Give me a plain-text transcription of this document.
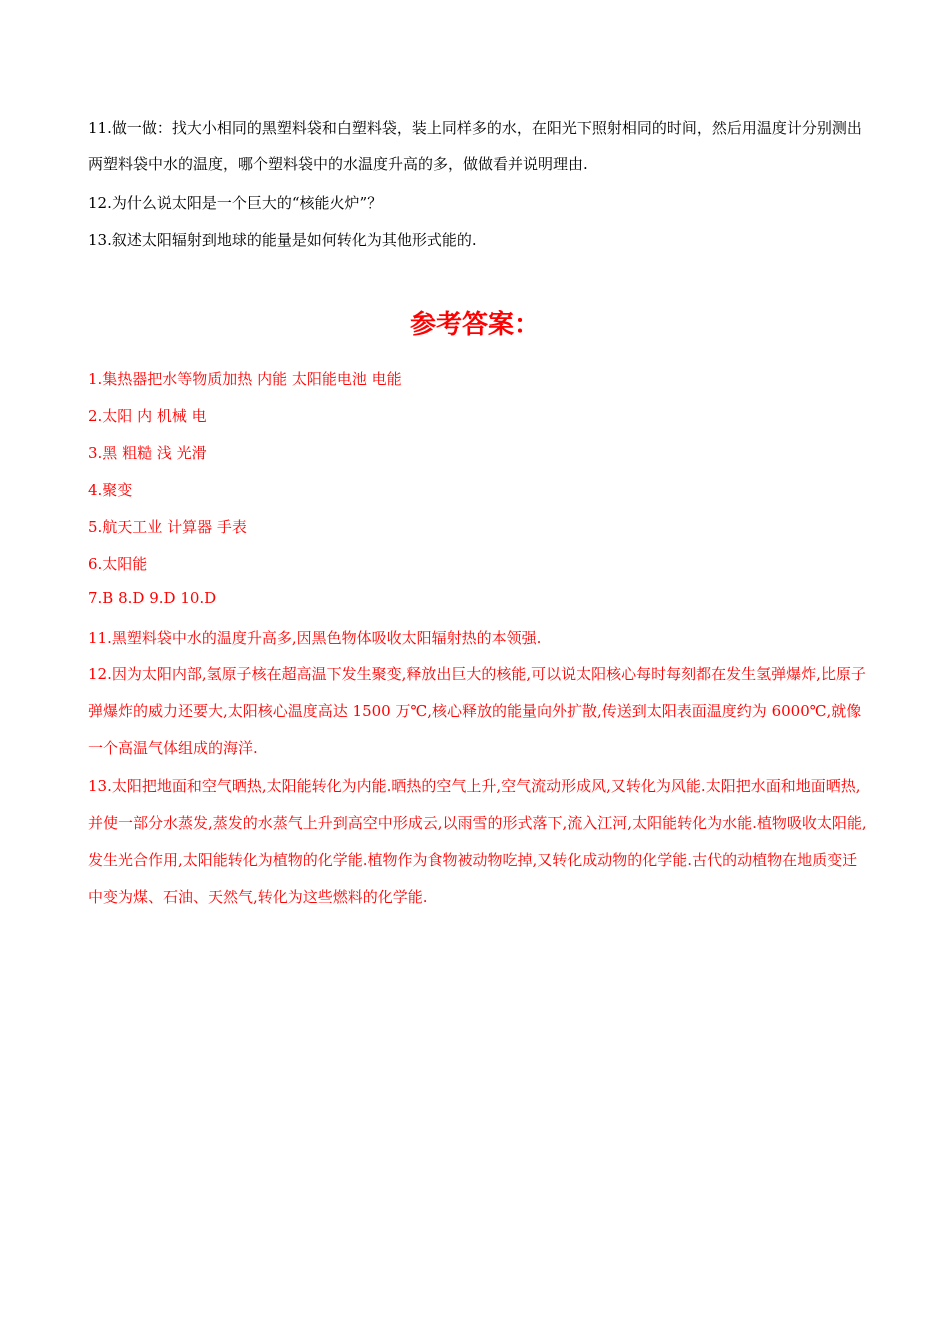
11.做一做：找大小相同的黑塑料袋和白塑料袋，装上同样多的水，在阳光下照射相同的时间，然后用温度计分别测出两塑料袋中水的温度，哪个塑料袋中的水温度升高的多，做做看并说明理由.

12.为什么说太阳是一个巨大的“核能火炉”？

13.叙述太阳辐射到地球的能量是如何转化为其他形式能的.

参考答案：

1.集热器把水等物质加热 内能 太阳能电池 电能

2.太阳 内 机械 电

3.黑 粗糙 浅 光滑

4.聚变

5.航天工业 计算器 手表

6.太阳能

7.B 8.D 9.D 10.D

11.黑塑料袋中水的温度升高多,因黑色物体吸收太阳辐射热的本领强.

12.因为太阳内部,氢原子核在超高温下发生聚变,释放出巨大的核能,可以说太阳核心每时每刻都在发生氢弹爆炸,比原子弹爆炸的威力还要大,太阳核心温度高达 1500 万℃,核心释放的能量向外扩散,传送到太阳表面温度约为 6000℃,就像一个高温气体组成的海洋.

13.太阳把地面和空气晒热,太阳能转化为内能.晒热的空气上升,空气流动形成风,又转化为风能.太阳把水面和地面晒热,并使一部分水蒸发,蒸发的水蒸气上升到高空中形成云,以雨雪的形式落下,流入江河,太阳能转化为水能.植物吸收太阳能,发生光合作用,太阳能转化为植物的化学能.植物作为食物被动物吃掉,又转化成动物的化学能.古代的动植物在地质变迁中变为煤、石油、天然气,转化为这些燃料的化学能.
